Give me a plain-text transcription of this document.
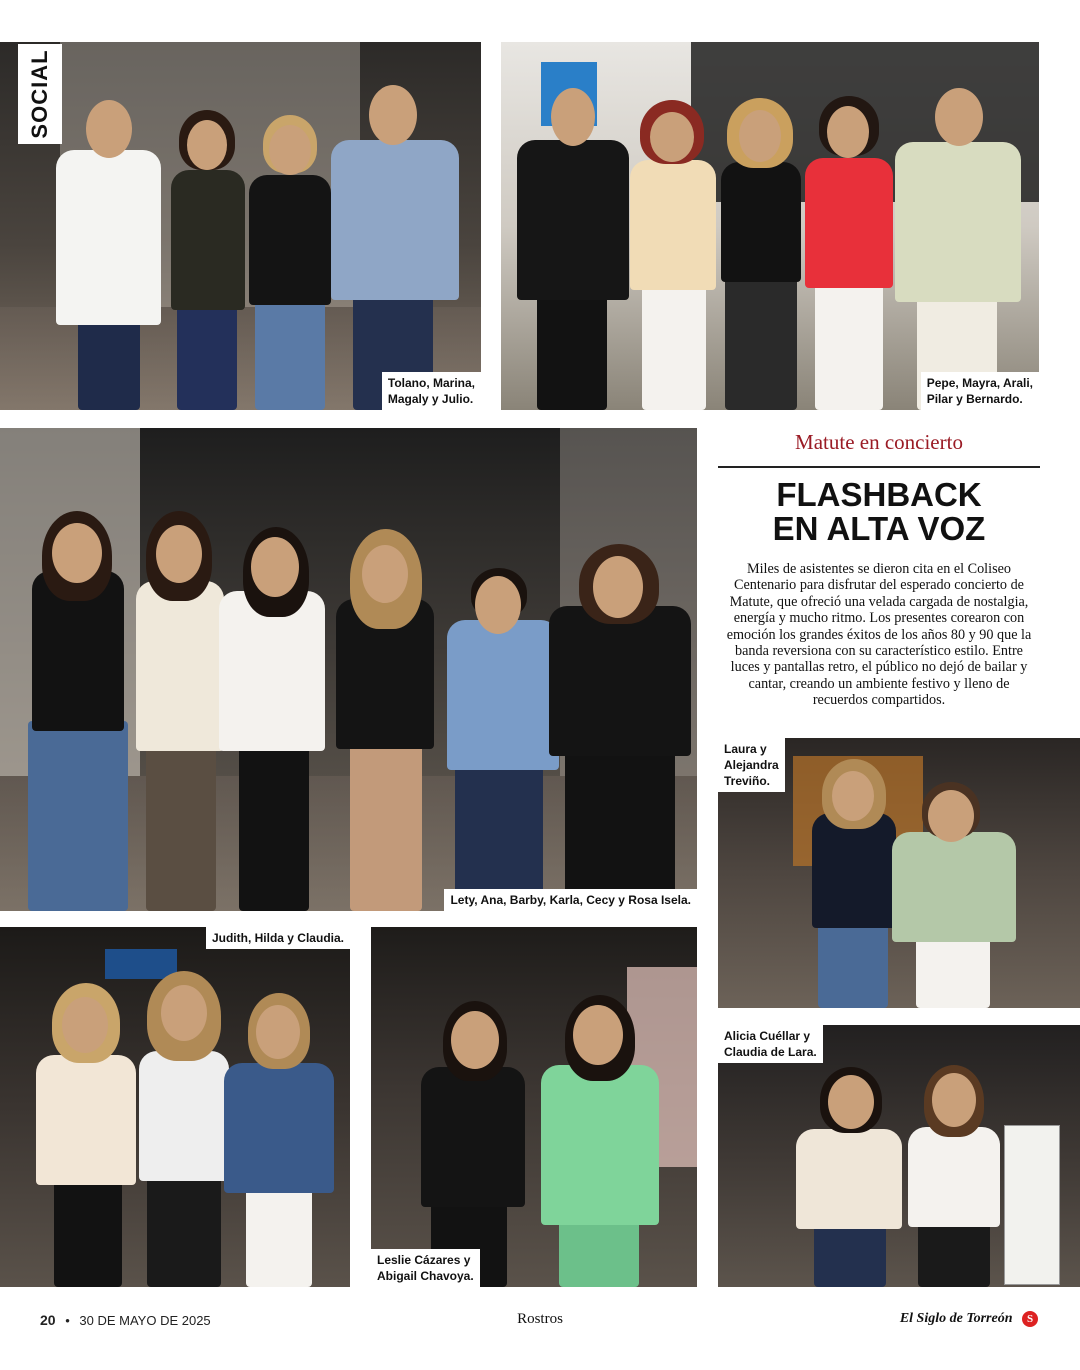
Tolano, Marina,
Magaly y Julio.
SOCIAL
Pepe, Mayra, Arali,
Pilar y Bernardo.
Lety, Ana, Barby, Karla, Cecy y Rosa Isela.
Matute en concierto
FLASHBACK
EN ALTA VOZ
Miles de asistentes se dieron cita en el Coliseo Centenario para disfrutar del esperado concierto de Matute, que ofreció una velada cargada de nostalgia, energía y mucho ritmo. Los presentes corearon con emoción los grandes éxitos de los años 80 y 90 que la banda reversiona con su característico estilo. Entre luces y pantallas retro, el público no dejó de bailar y cantar, creando un ambiente festivo y lleno de recuerdos compartidos.
Laura y
Alejandra
Treviño.
Judith, Hilda y Claudia.
Leslie Cázares y
Abigail Chavoya.
Alicia Cuéllar y
Claudia de Lara.
20 • 30 DE MAYO DE 2025	Rostros	El Siglo de Torreón S
